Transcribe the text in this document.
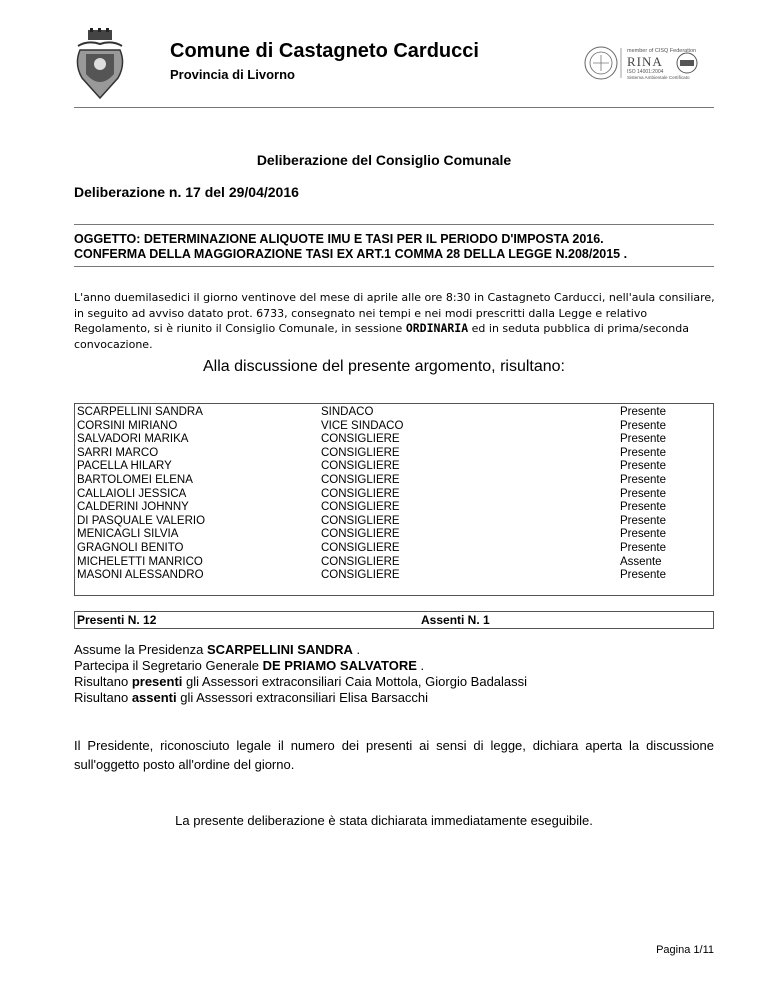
Comune di Castagneto Carducci
Provincia di Livorno
member of CISQ Federation
RINA
ISO 14001:2004
Sistema Ambientale Certificato
Deliberazione del Consiglio Comunale
Deliberazione n. 17 del 29/04/2016
OGGETTO: DETERMINAZIONE ALIQUOTE IMU E TASI PER IL PERIODO D'IMPOSTA 2016.
CONFERMA DELLA MAGGIORAZIONE TASI EX ART.1 COMMA 28 DELLA LEGGE N.208/2015 .
L'anno duemilasedici il giorno ventinove del mese di aprile alle ore 8:30 in Castagneto Carducci, nell'aula consiliare, in seguito ad avviso datato prot. 6733, consegnato nei tempi e nei modi prescritti dalla Legge e relativo Regolamento, si è riunito il Consiglio Comunale, in sessione ORDINARIA ed in seduta pubblica di prima/seconda convocazione.
Alla discussione del presente argomento, risultano:
SCARPELLINI SANDRA
CORSINI MIRIANO
SALVADORI MARIKA
SARRI MARCO
PACELLA HILARY
BARTOLOMEI ELENA
CALLAIOLI JESSICA
CALDERINI JOHNNY
DI PASQUALE VALERIO
MENICAGLI SILVIA
GRAGNOLI BENITO
MICHELETTI MANRICO
MASONI ALESSANDRO
SINDACO
VICE SINDACO
CONSIGLIERE
CONSIGLIERE
CONSIGLIERE
CONSIGLIERE
CONSIGLIERE
CONSIGLIERE
CONSIGLIERE
CONSIGLIERE
CONSIGLIERE
CONSIGLIERE
CONSIGLIERE
Presente
Presente
Presente
Presente
Presente
Presente
Presente
Presente
Presente
Presente
Presente
Assente
Presente
Presenti N. 12	Assenti N. 1
Assume la Presidenza SCARPELLINI SANDRA .
Partecipa il Segretario Generale DE PRIAMO SALVATORE .
Risultano presenti gli Assessori extraconsiliari Caia Mottola, Giorgio Badalassi
Risultano assenti gli Assessori extraconsiliari Elisa Barsacchi
Il Presidente, riconosciuto legale il numero dei presenti ai sensi di legge, dichiara aperta la discussione sull'oggetto posto all'ordine del giorno.
La presente deliberazione è stata dichiarata immediatamente eseguibile.
Pagina 1/11
